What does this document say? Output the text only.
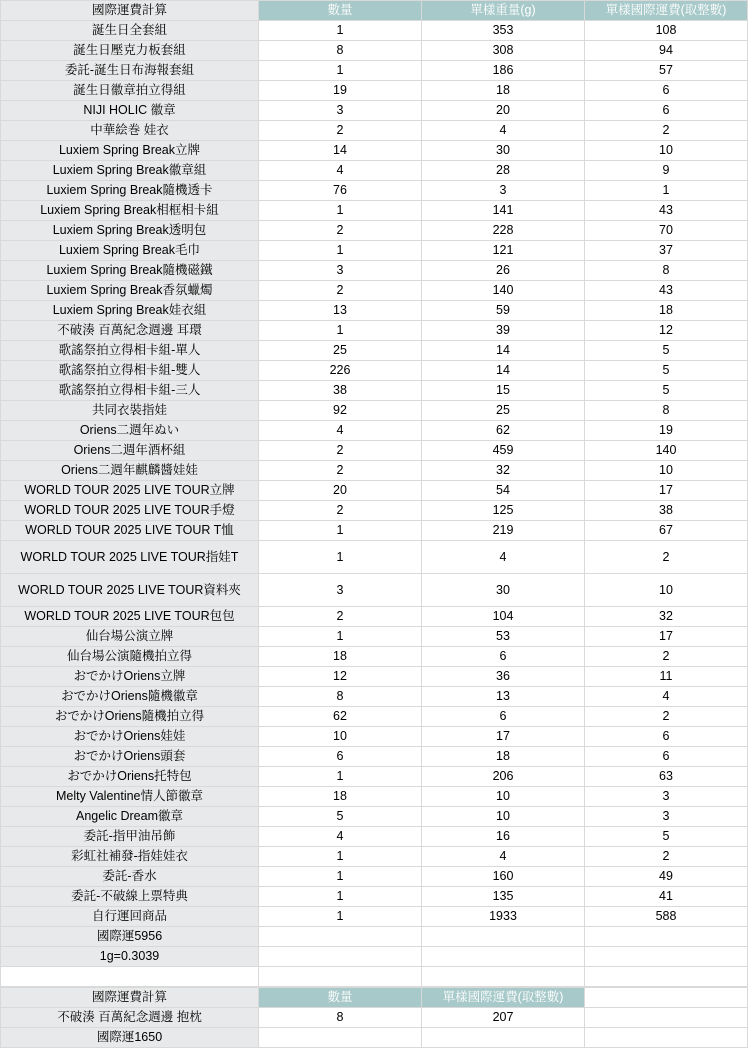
國際運費計算	數量	單樣重量(g)	單樣國際運費(取整數)
誕生日全套組	1	353	108
誕生日壓克力板套組	8	308	94
委託-誕生日布海報套組	1	186	57
誕生日徽章拍立得組	19	18	6
NIJI HOLIC 徽章	3	20	6
中華絵巻 娃衣	2	4	2
Luxiem Spring Break立牌	14	30	10
Luxiem Spring Break徽章組	4	28	9
Luxiem Spring Break隨機透卡	76	3	1
Luxiem Spring Break相框相卡組	1	141	43
Luxiem Spring Break透明包	2	228	70
Luxiem Spring Break毛巾	1	121	37
Luxiem Spring Break隨機磁鐵	3	26	8
Luxiem Spring Break香氛蠟燭	2	140	43
Luxiem Spring Break娃衣組	13	59	18
不破湊 百萬紀念週邊 耳環	1	39	12
歌謠祭拍立得相卡組-單人	25	14	5
歌謠祭拍立得相卡組-雙人	226	14	5
歌謠祭拍立得相卡組-三人	38	15	5
共同衣裝指娃	92	25	8
Oriens二週年ぬい	4	62	19
Oriens二週年酒杯組	2	459	140
Oriens二週年麒麟醬娃娃	2	32	10
WORLD TOUR 2025 LIVE TOUR立牌	20	54	17
WORLD TOUR 2025 LIVE TOUR手燈	2	125	38
WORLD TOUR 2025 LIVE TOUR T恤	1	219	67
WORLD TOUR 2025 LIVE TOUR指娃T	1	4	2
WORLD TOUR 2025 LIVE TOUR資料夾	3	30	10
WORLD TOUR 2025 LIVE TOUR包包	2	104	32
仙台場公演立牌	1	53	17
仙台場公演隨機拍立得	18	6	2
おでかけOriens立牌	12	36	11
おでかけOriens隨機徽章	8	13	4
おでかけOriens隨機拍立得	62	6	2
おでかけOriens娃娃	10	17	6
おでかけOriens頭套	6	18	6
おでかけOriens托特包	1	206	63
Melty Valentine情人節徽章	18	10	3
Angelic Dream徽章	5	10	3
委託-指甲油吊飾	4	16	5
彩虹社補發-指娃娃衣	1	4	2
委託-香水	1	160	49
委託-不破線上票特典	1	135	41
自行運回商品	1	1933	588
國際運5956			
1g=0.3039			

國際運費計算	數量	單樣國際運費(取整數)	
不破湊 百萬紀念週邊 抱枕	8	207	
國際運1650			
